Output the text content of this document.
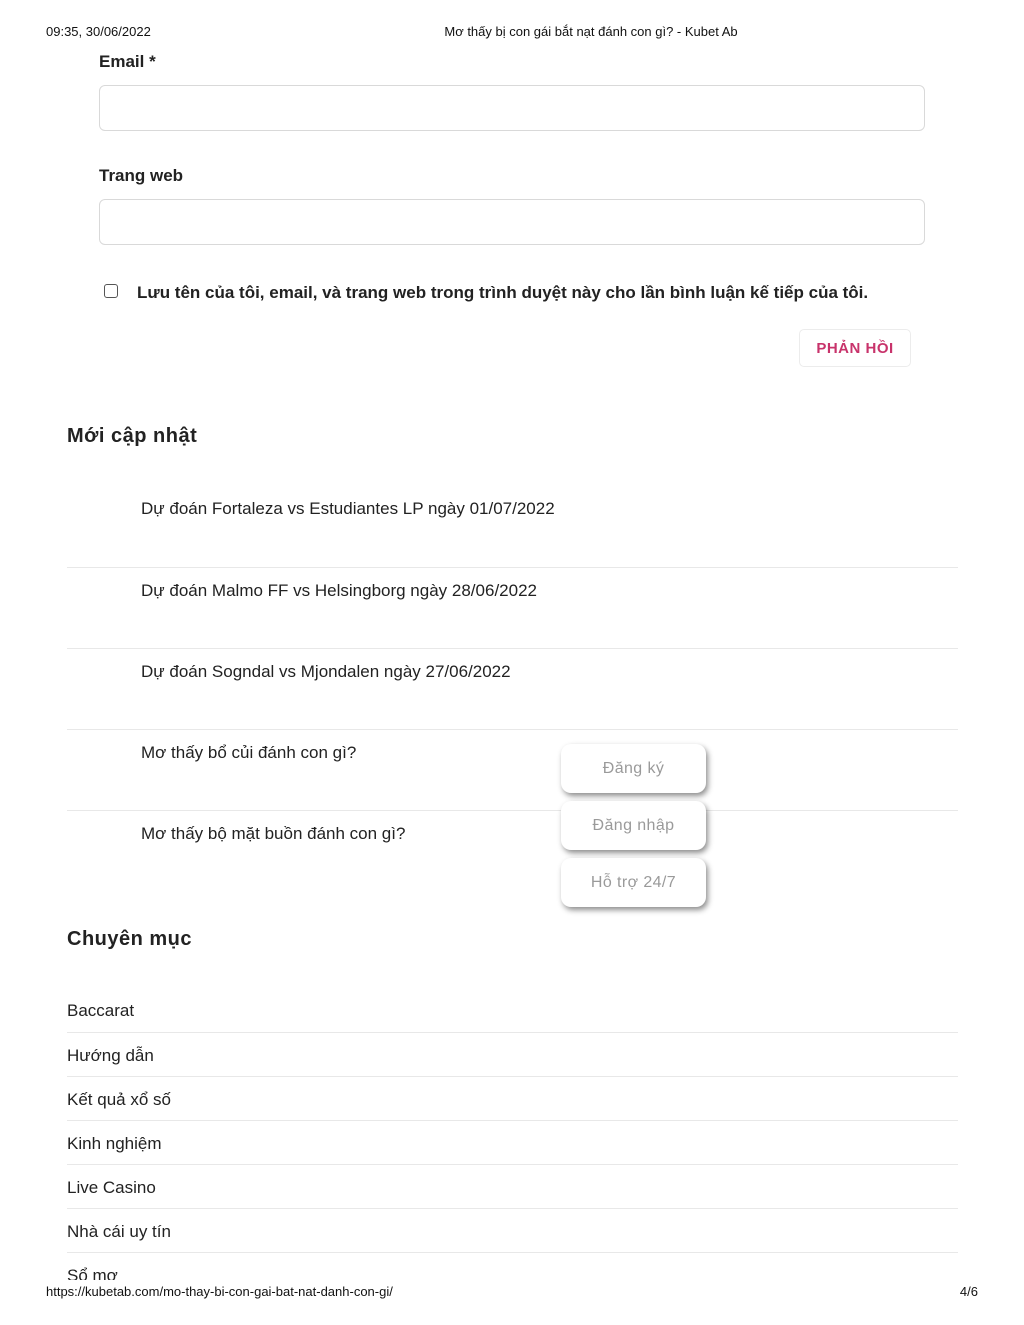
09:35, 30/06/2022	Mơ thấy bị con gái bắt nạt đánh con gì? - Kubet Ab
Email *
Trang web
Lưu tên của tôi, email, và trang web trong trình duyệt này cho lần bình luận kế tiếp của tôi.
PHẢN HỒI
Mới cập nhật
Dự đoán Fortaleza vs Estudiantes LP ngày 01/07/2022
Dự đoán Malmo FF vs Helsingborg ngày 28/06/2022
Dự đoán Sogndal vs Mjondalen ngày 27/06/2022
Mơ thấy bổ củi đánh con gì?
Mơ thấy bộ mặt buồn đánh con gì?
Chuyên mục
Baccarat
Hướng dẫn
Kết quả xổ số
Kinh nghiệm
Live Casino
Nhà cái uy tín
Sổ mơ
Đăng ký
Đăng nhập
Hỗ trợ 24/7
https://kubetab.com/mo-thay-bi-con-gai-bat-nat-danh-con-gi/	4/6
